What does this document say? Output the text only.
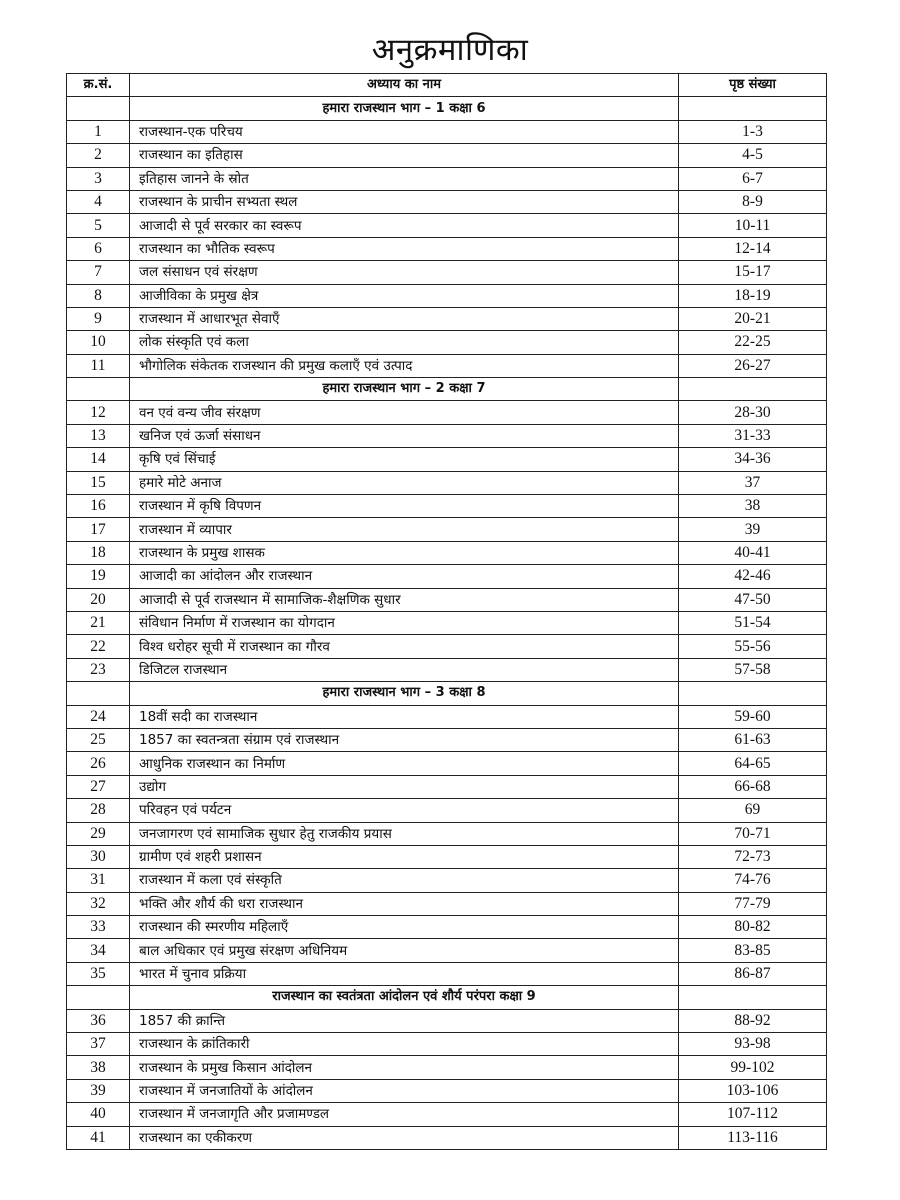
अनुक्रमाणिका
क्र.सं.	अध्याय का नाम	पृष्ठ संख्या
	हमारा राजस्थान भाग – 1 कक्षा 6	
1	राजस्थान-एक परिचय	1-3
2	राजस्थान का इतिहास	4-5
3	इतिहास जानने के स्रोत	6-7
4	राजस्थान के प्राचीन सभ्यता स्थल	8-9
5	आजादी से पूर्व सरकार का स्वरूप	10-11
6	राजस्थान का भौतिक स्वरूप	12-14
7	जल संसाधन एवं संरक्षण	15-17
8	आजीविका के प्रमुख क्षेत्र	18-19
9	राजस्थान में आधारभूत सेवाएँ	20-21
10	लोक संस्कृति एवं कला	22-25
11	भौगोलिक संकेतक राजस्थान की प्रमुख कलाएँ एवं उत्पाद	26-27
	हमारा राजस्थान भाग – 2 कक्षा 7	
12	वन एवं वन्य जीव संरक्षण	28-30
13	खनिज एवं ऊर्जा संसाधन	31-33
14	कृषि एवं सिंचाई	34-36
15	हमारे मोटे अनाज	37
16	राजस्थान में कृषि विपणन	38
17	राजस्थान में व्यापार	39
18	राजस्थान के प्रमुख शासक	40-41
19	आजादी का आंदोलन और राजस्थान	42-46
20	आजादी से पूर्व राजस्थान में सामाजिक-शैक्षणिक सुधार	47-50
21	संविधान निर्माण में राजस्थान का योगदान	51-54
22	विश्व धरोहर सूची में राजस्थान का गौरव	55-56
23	डिजिटल राजस्थान	57-58
	हमारा राजस्थान भाग – 3 कक्षा 8	
24	18वीं सदी का राजस्थान	59-60
25	1857 का स्वतन्त्रता संग्राम एवं राजस्थान	61-63
26	आधुनिक राजस्थान का निर्माण	64-65
27	उद्योग	66-68
28	परिवहन एवं पर्यटन	69
29	जनजागरण एवं सामाजिक सुधार हेतु राजकीय प्रयास	70-71
30	ग्रामीण एवं शहरी प्रशासन	72-73
31	राजस्थान में कला एवं संस्कृति	74-76
32	भक्ति और शौर्य की धरा राजस्थान	77-79
33	राजस्थान की स्मरणीय महिलाएँ	80-82
34	बाल अधिकार एवं प्रमुख संरक्षण अधिनियम	83-85
35	भारत में चुनाव प्रक्रिया	86-87
	राजस्थान का स्वतंत्रता आंदोलन एवं शौर्य परंपरा कक्षा 9	
36	1857 की क्रान्ति	88-92
37	राजस्थान के क्रांतिकारी	93-98
38	राजस्थान के प्रमुख किसान आंदोलन	99-102
39	राजस्थान में जनजातियों के आंदोलन	103-106
40	राजस्थान में जनजागृति और प्रजामण्डल	107-112
41	राजस्थान का एकीकरण	113-116
